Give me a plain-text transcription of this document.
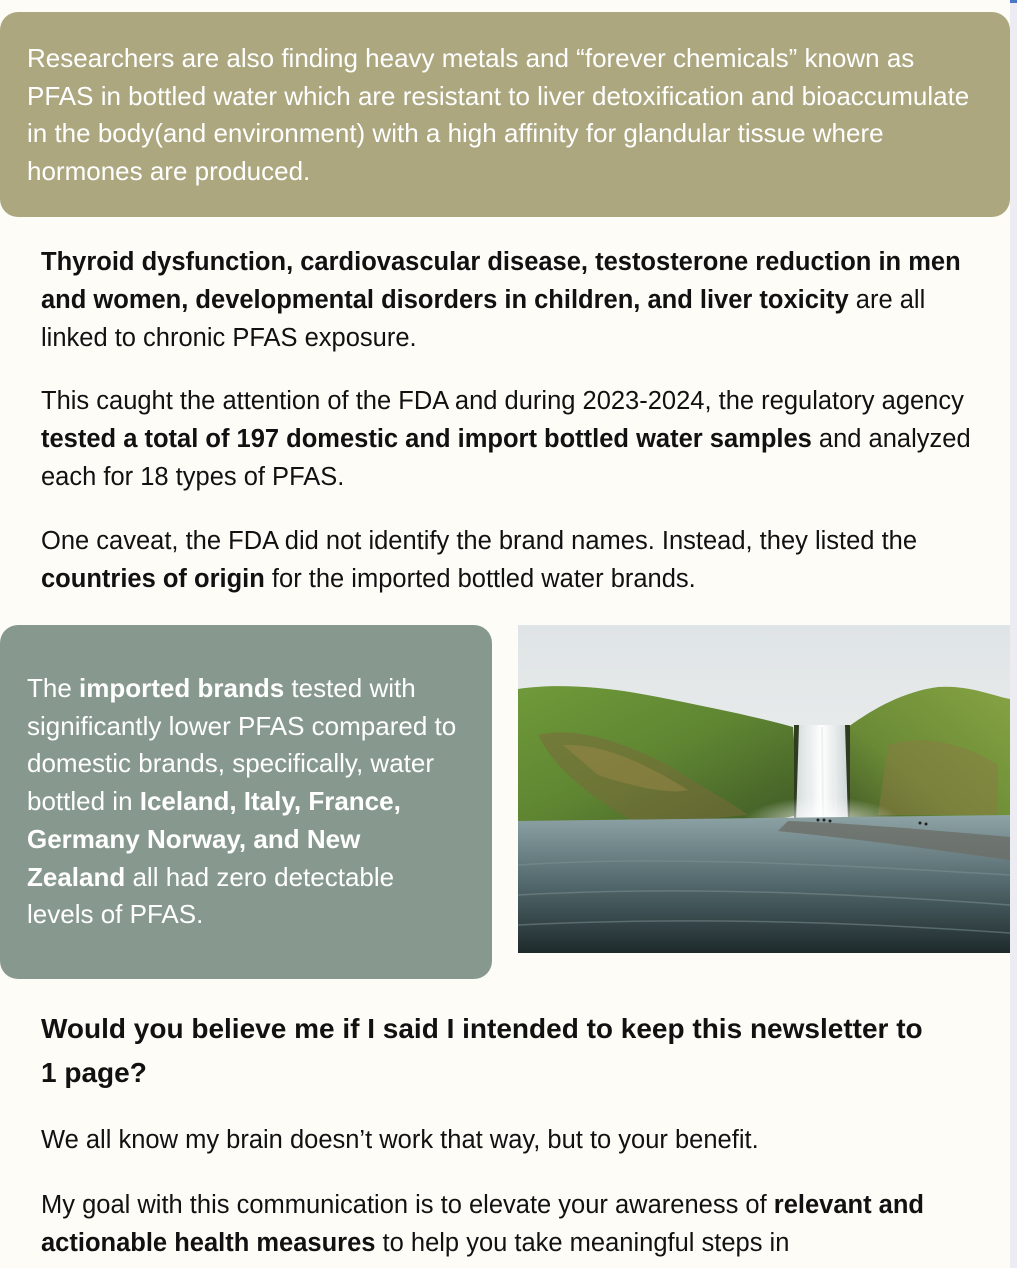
Researchers are also finding heavy metals and “forever chemicals” known as PFAS in bottled water which are resistant to liver detoxification and bioaccumulate in the body(and environment) with a high affinity for glandular tissue where hormones are produced.

Thyroid dysfunction, cardiovascular disease, testosterone reduction in men and women, developmental disorders in children, and liver toxicity are all linked to chronic PFAS exposure.

This caught the attention of the FDA and during 2023-2024, the regulatory agency tested a total of 197 domestic and import bottled water samples and analyzed each for 18 types of PFAS.

One caveat, the FDA did not identify the brand names. Instead, they listed the countries of origin for the imported bottled water brands.

The imported brands tested with significantly lower PFAS compared to domestic brands, specifically, water bottled in Iceland, Italy, France, Germany Norway, and New Zealand all had zero detectable levels of PFAS.
Would you believe me if I said I intended to keep this newsletter to 1 page?

We all know my brain doesn’t work that way, but to your benefit.

My goal with this communication is to elevate your awareness of relevant and actionable health measures to help you take meaningful steps in
